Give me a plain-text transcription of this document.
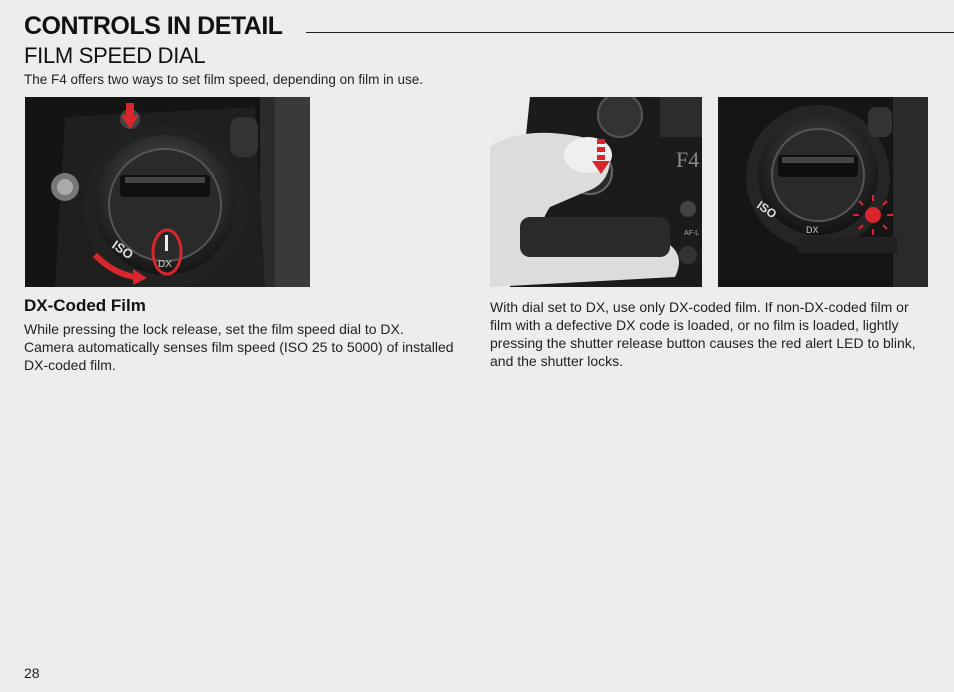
CONTROLS IN DETAIL
FILM SPEED DIAL

The F4 offers two ways to set film speed, depending on film in use.

ISO
DX
F4
AF-L
ISO
DX
DX-Coded Film

While pressing the lock release, set the film speed dial to DX. Camera automatically senses film speed (ISO 25 to 5000) of installed DX-coded film.

With dial set to DX, use only DX-coded film. If non-DX-coded film or film with a defective DX code is loaded, or no film is loaded, lightly pressing the shutter release button causes the red alert LED to blink, and the shutter locks.

28
